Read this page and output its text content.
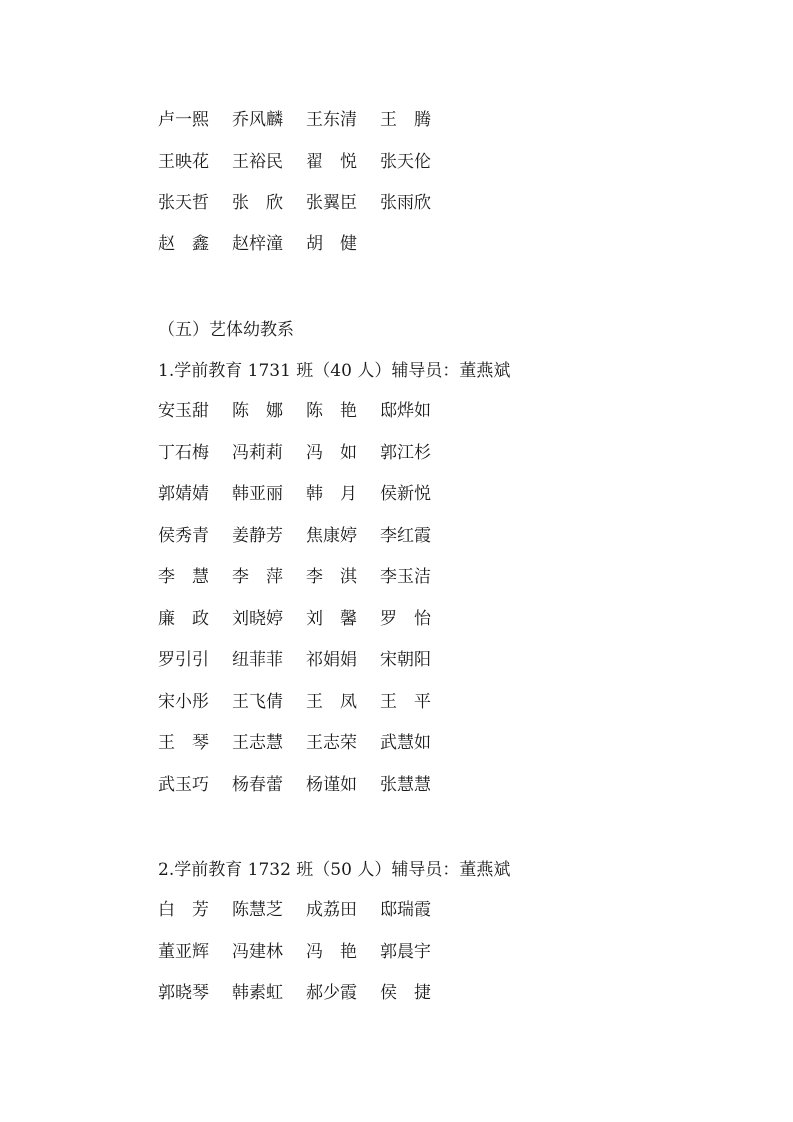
卢一熙	乔风麟	王东清	王　腾
王映花	王裕民	翟　悦	张天伦
张天哲	张　欣	张翼臣	张雨欣
赵　鑫	赵梓潼	胡　健
（五）艺体幼教系
1.学前教育 1731 班（40 人）辅导员：董燕斌
安玉甜	陈　娜	陈　艳	邸烨如
丁石梅	冯莉莉	冯　如	郭江杉
郭婧婧	韩亚丽	韩　月	侯新悦
侯秀青	姜静芳	焦康婷	李红霞
李　慧	李　萍	李　淇	李玉洁
廉　政	刘晓婷	刘　馨	罗　怡
罗引引	纽菲菲	祁娟娟	宋朝阳
宋小彤	王飞倩	王　凤	王　平
王　琴	王志慧	王志荣	武慧如
武玉巧	杨春蕾	杨谨如	张慧慧
2.学前教育 1732 班（50 人）辅导员：董燕斌
白　芳	陈慧芝	成荔田	邸瑞霞
董亚辉	冯建林	冯　艳	郭晨宇
郭晓琴	韩素虹	郝少霞	侯　捷
